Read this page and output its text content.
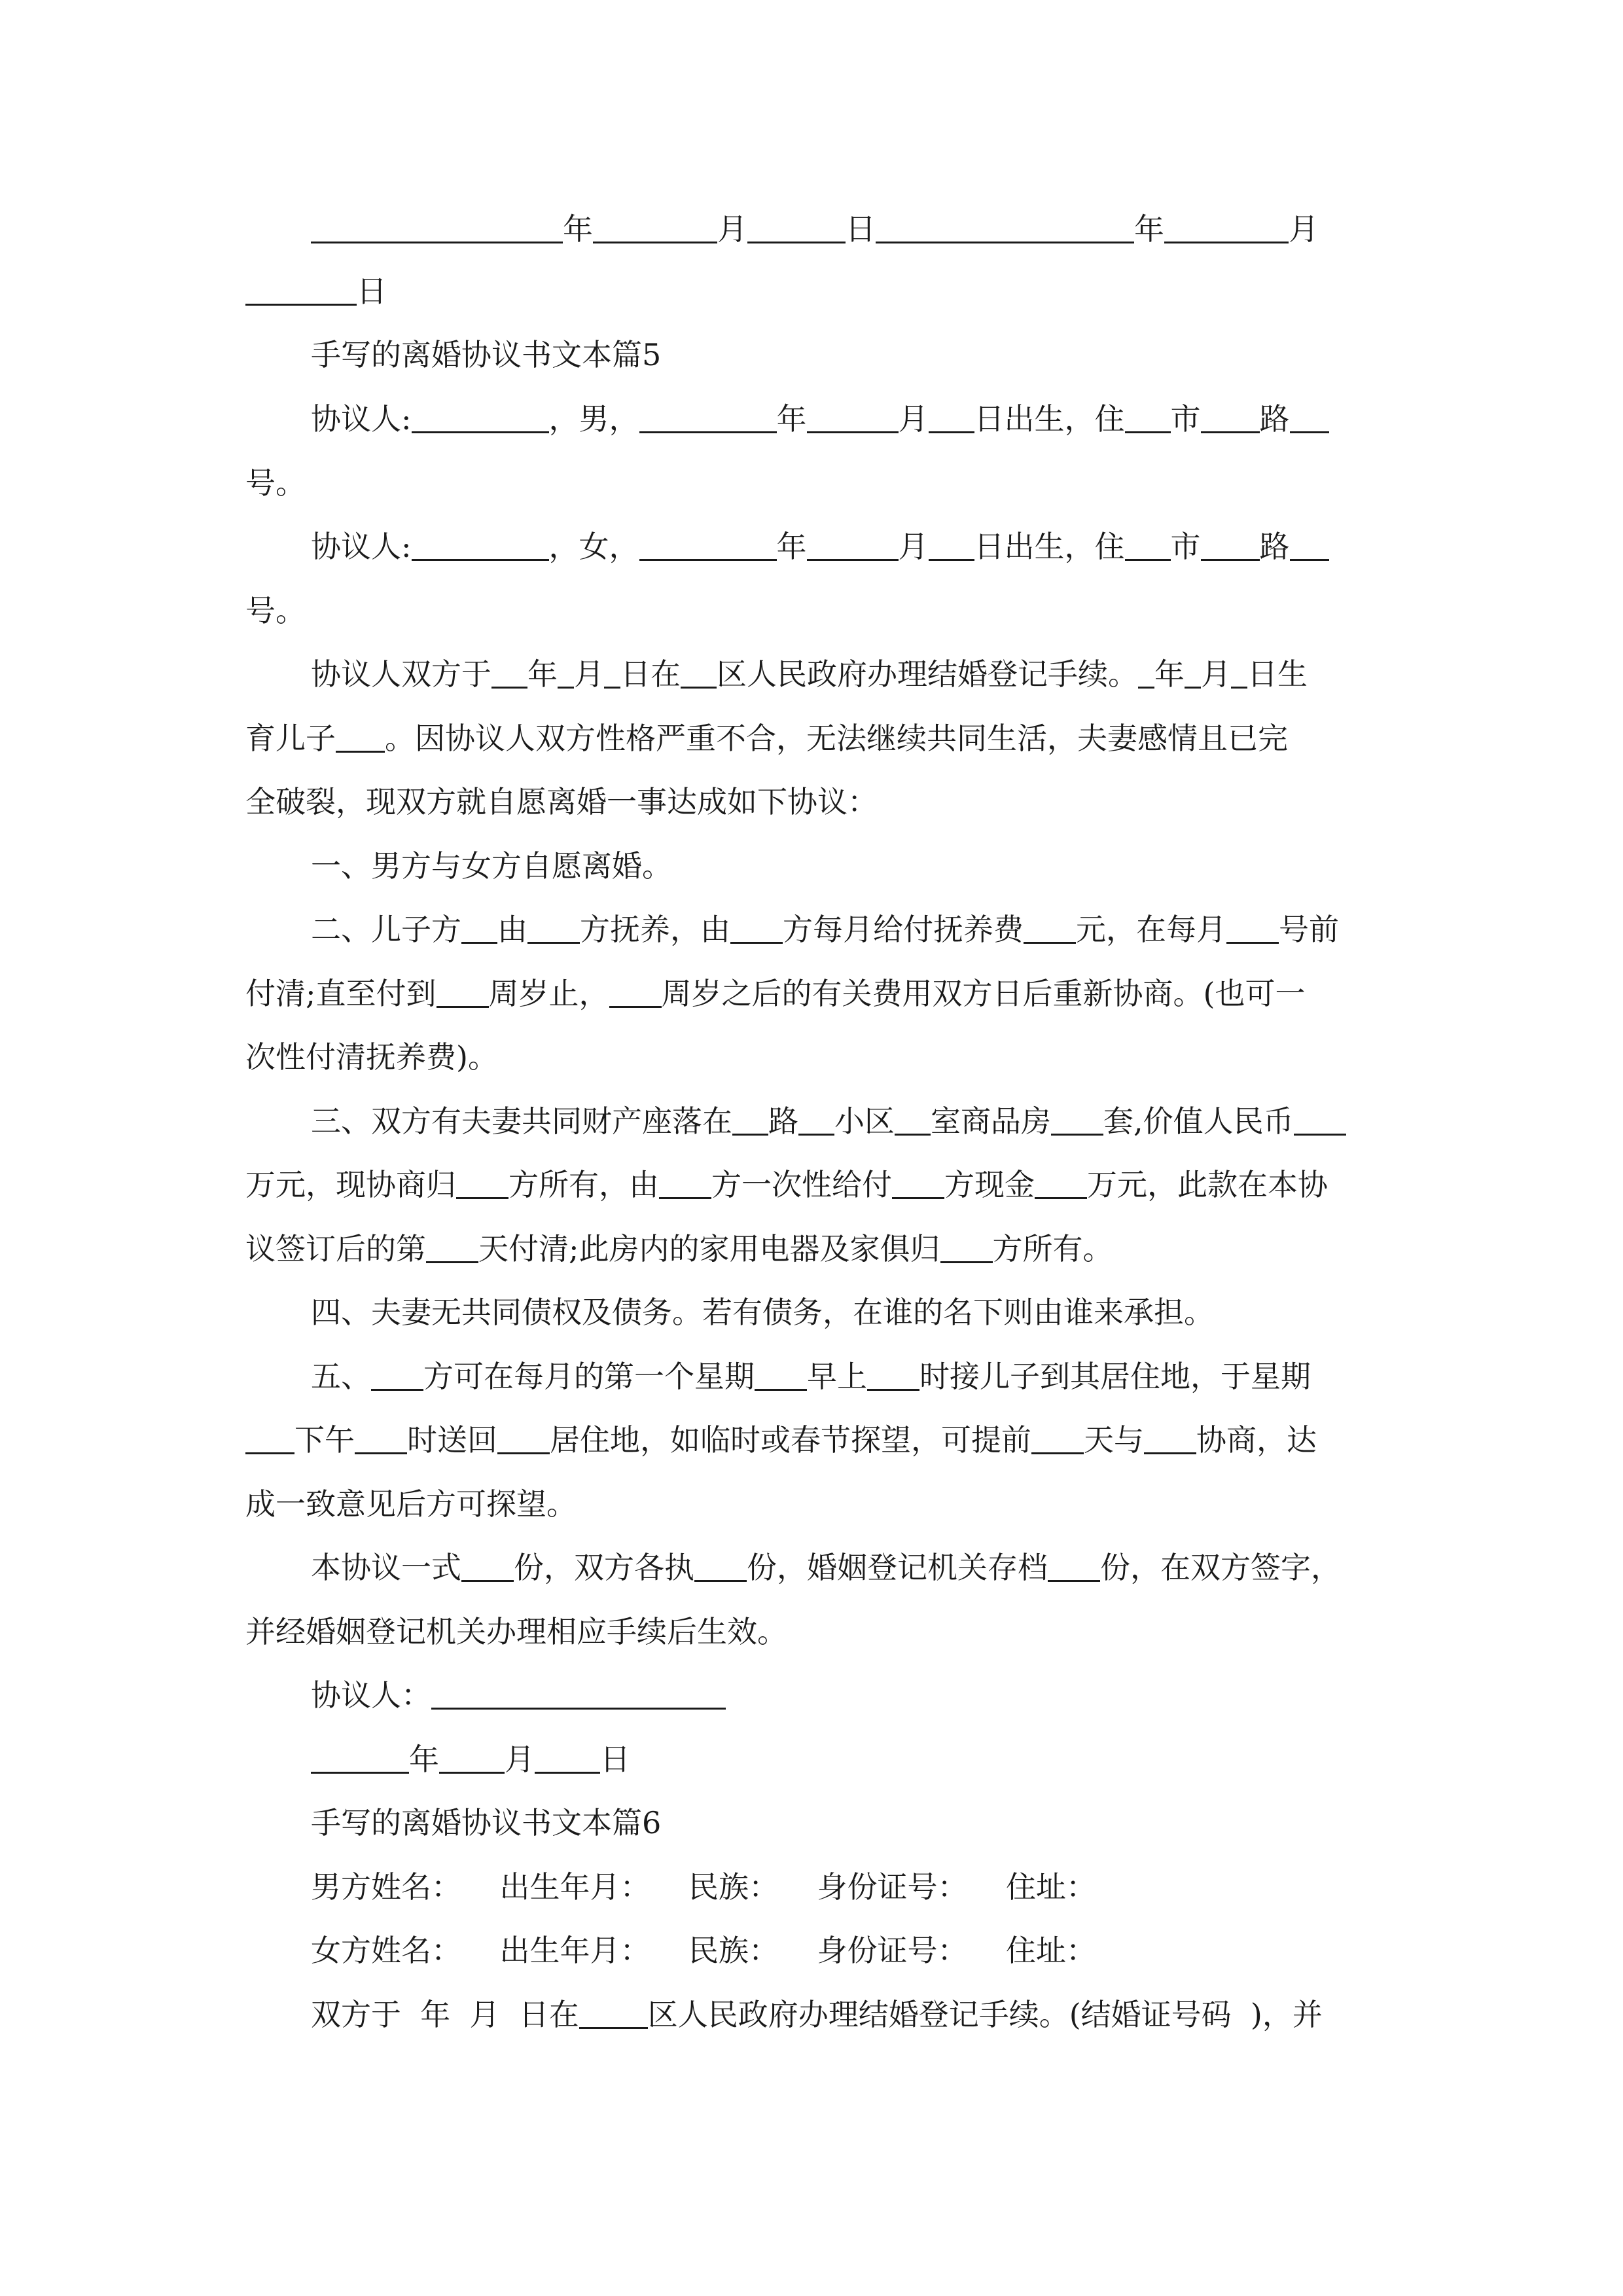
年	月	日	年	月

日

手写的离婚协议书文本篇5

协议人:	，男，	年	月 日出生，住 市 路

号。

协议人:	，女，	年	月 日出生，住 市 路

号。

协议人双方于 年 月 日在 区人民政府办理结婚登记手续。 年 月 日生

育儿子 。因协议人双方性格严重不合，无法继续共同生活，夫妻感情且已完

全破裂，现双方就自愿离婚一事达成如下协议：

一、男方与女方自愿离婚。

二、儿子方 由 方抚养，由 方每月给付抚养费 元，在每月 号前

付清;直至付到 周岁止， 周岁之后的有关费用双方日后重新协商。(也可一

次性付清抚养费)。

三、双方有夫妻共同财产座落在 路 小区 室商品房 套,价值人民币

万元，现协商归 方所有，由 方一次性给付 方现金 万元，此款在本协

议签订后的第 天付清;此房内的家用电器及家俱归 方所有。

四、夫妻无共同债权及债务。若有债务，在谁的名下则由谁来承担。

五、 方可在每月的第一个星期 早上 时接儿子到其居住地，于星期

下午 时送回 居住地，如临时或春节探望，可提前 天与 协商，达

成一致意见后方可探望。

本协议一式 份，双方各执 份，婚姻登记机关存档 份，在双方签字，

并经婚姻登记机关办理相应手续后生效。

协议人：

年 月 日

手写的离婚协议书文本篇6

男方姓名： 出生年月： 民族： 身份证号： 住址：

女方姓名： 出生年月： 民族： 身份证号： 住址：

双方于  年  月  日在 区人民政府办理结婚登记手续。(结婚证号码  )，并
